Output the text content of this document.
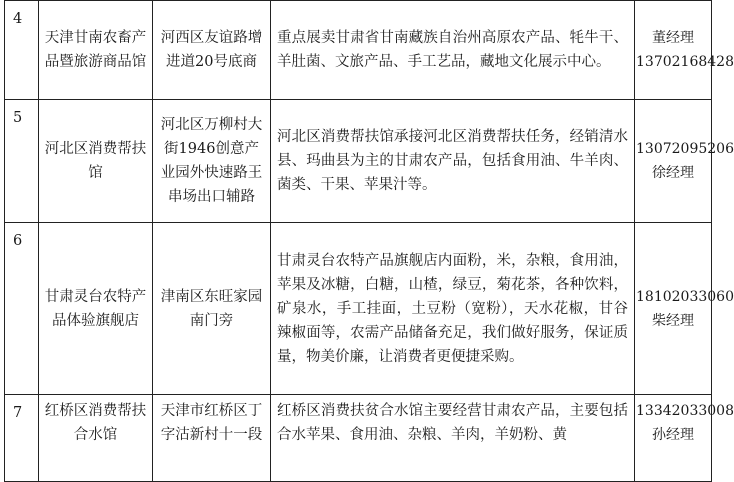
4	天津甘南农畜产品暨旅游商品馆	河西区友谊路增进道20号底商	重点展卖甘肃省甘南藏族自治州高原农产品、牦牛干、羊肚菌、文旅产品、手工艺品，藏地文化展示中心。	董经理
13702168428

5	河北区消费帮扶馆	河北区万柳村大街1946创意产业园外快速路王串场出口辅路	河北区消费帮扶馆承接河北区消费帮扶任务，经销清水县、玛曲县为主的甘肃农产品，包括食用油、牛羊肉、菌类、干果、苹果汁等。	13072095206
徐经理

6	甘肃灵台农特产品体验旗舰店	津南区东旺家园南门旁	甘肃灵台农特产品旗舰店内面粉，米，杂粮，食用油，苹果及冰糖，白糖，山楂，绿豆，菊花茶，各种饮料，矿泉水，手工挂面，土豆粉（宽粉），天水花椒，甘谷辣椒面等，农需产品储备充足，我们做好服务，保证质量，物美价廉，让消费者更便捷采购。	18102033060
柴经理

7	红桥区消费帮扶合水馆	天津市红桥区丁字沽新村十一段	红桥区消费扶贫合水馆主要经营甘肃农产品，主要包括合水苹果、食用油、杂粮、羊肉，羊奶粉、黄	13342033008
孙经理
